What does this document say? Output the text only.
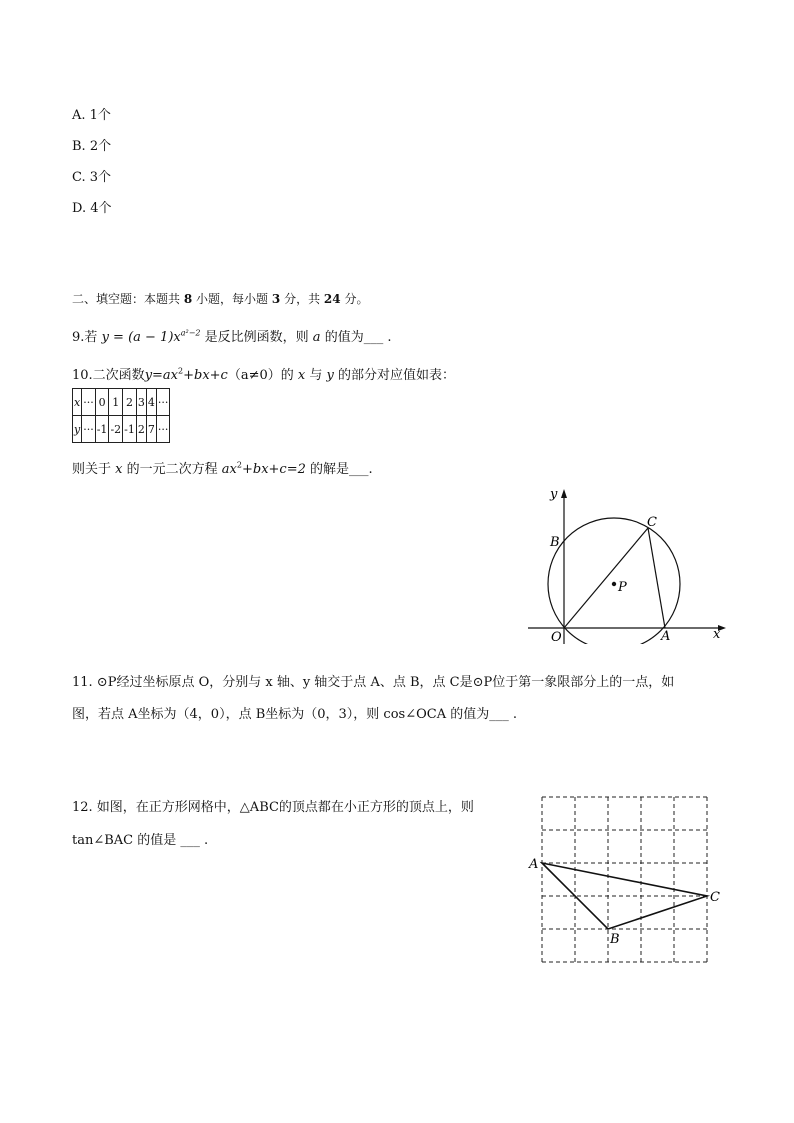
A. 1个
B. 2个
C. 3个
D. 4个
二、填空题：本题共 8 小题，每小题 3 分，共 24 分。
9.若 $y = (a - 1)x^{a^2-2}$ 是反比例函数，则 a 的值为___ .
10.二次函数$y=ax^2+bx+c(a\ne 0)$的 x 与 y 的部分对应值如表：
x	···	0	1	2	3	4	···
y	···	-1	-2	-1	2	7	···
则关于 x 的一元二次方程 $ax^2+bx+c=2$ 的解是___.
y
x
B
C
P
O	A
11. ⊙P经过坐标原点 O，分别与 x 轴、y 轴交于点 A、点 B，点 C是⊙P位于第一象限部分上的一点，如
图，若点 A坐标为（4，0），点 B坐标为（0，3），则 cos∠OCA 的值为___ .
12. 如图，在正方形网格中，△ABC的顶点都在小正方形的顶点上，则
tan∠BAC 的值是 ___ .
A
B
C
